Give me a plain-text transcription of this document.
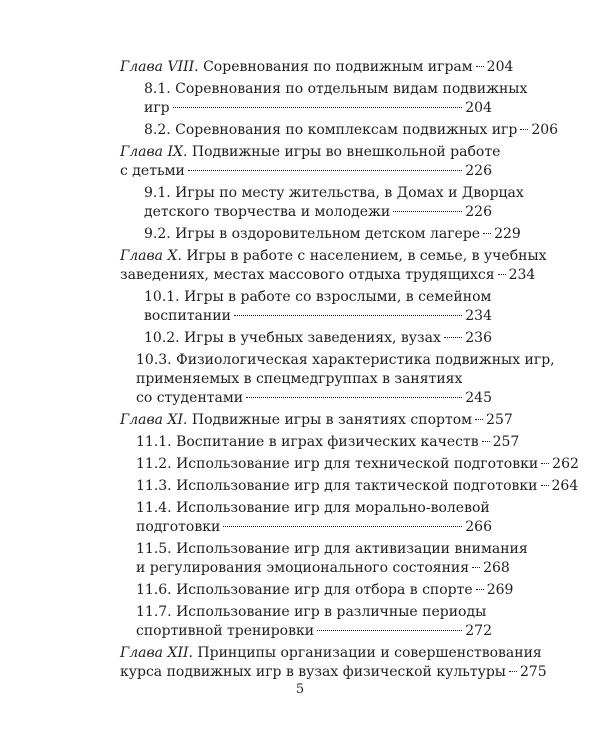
Глава VIII. Соревнования по подвижным играм 204
8.1. Соревнования по отдельным видам подвижных
игр	204
8.2. Соревнования по комплексам подвижных игр 206
Глава IX. Подвижные игры во внешкольной работе
с детьми	226
9.1. Игры по месту жительства, в Домах и Дворцах
детского творчества и молодежи	226
9.2. Игры в оздоровительном детском лагере 229
Глава X. Игры в работе с населением, в семье, в учебных
заведениях, местах массового отдыха трудящихся 234
10.1. Игры в работе со взрослыми, в семейном
воспитании	234
10.2. Игры в учебных заведениях, вузах 236
10.3. Физиологическая характеристика подвижных игр,
применяемых в спецмедгруппах в занятиях
со студентами	245
Глава XI. Подвижные игры в занятиях спортом 257
11.1. Воспитание в играх физических качеств 257
11.2. Использование игр для технической подготовки 262
11.3. Использование игр для тактической подготовки 264
11.4. Использование игр для морально-волевой
подготовки	266
11.5. Использование игр для активизации внимания
и регулирования эмоционального состояния 268
11.6. Использование игр для отбора в спорте 269
11.7. Использование игр в различные периоды
спортивной тренировки	272
Глава XII. Принципы организации и совершенствования
курса подвижных игр в вузах физической культуры 275
5
